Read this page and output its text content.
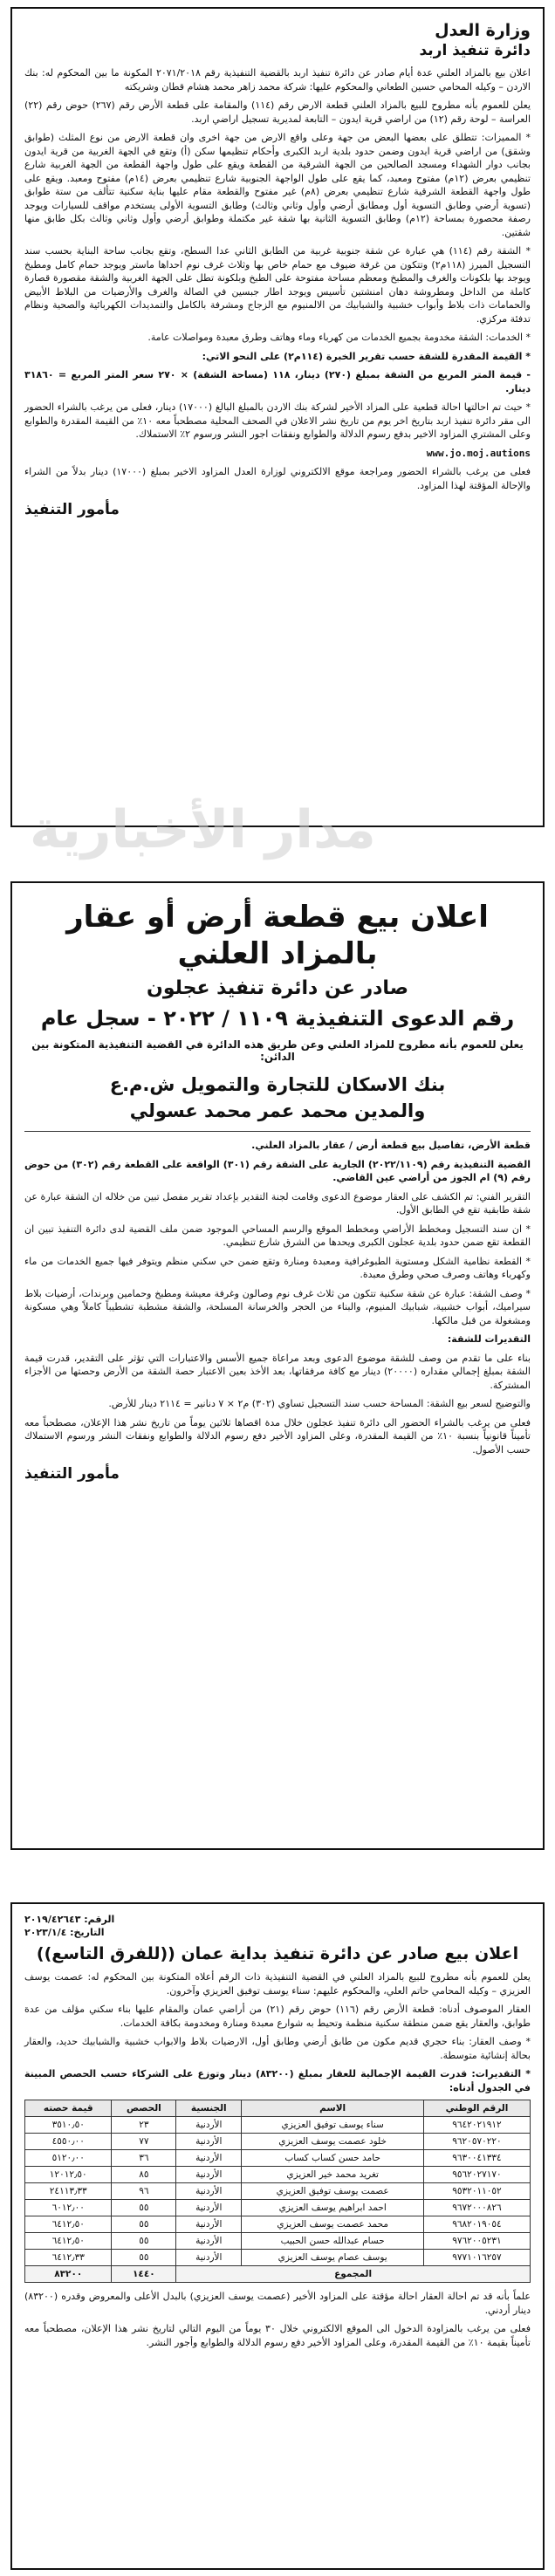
وزارة العدل
دائرة تنفيذ اربد

اعلان بيع بالمزاد العلني عدة أيام صادر عن دائرة تنفيذ اربد بالقضية التنفيذية رقم ٢٠٧١/٢٠١٨ المكونة ما بين المحكوم له: بنك الاردن – وكيله المحامي حسين الطعاني والمحكوم عليها: شركة محمد زاهر محمد هشام قطان وشريكته

يعلن للعموم بأنه مطروح للبيع بالمزاد العلني قطعة الارض رقم (١١٤) والمقامة على قطعة الأرض رقم (٢٦٧) حوض رقم (٢٢) العراسة – لوحة رقم (١٢) من اراضي قرية ايدون – التابعة لمديرية تسجيل اراضي اربد.

* المميزات: تتطلق على بعضها البعض من جهة وعلى واقع الارض من جهة اخرى وان قطعة الارض من نوع المثلث (طوابق وشقق) من اراضي قرية ايدون وضمن حدود بلدية اربد الكبرى وأحكام تنظيمها سكن (أ) وتقع في الجهة الغربية من قرية ايدون بجانب دوار الشهداء ومسجد الصالحين من الجهة الشرقية من القطعة ويقع على طول واجهة القطعة من الجهة الغربية شارع تنظيمي بعرض (١٢م) مفتوح ومعبد، كما يقع على طول الواجهة الجنوبية شارع تنظيمي بعرض (١٤م) مفتوح ومعبد. ويقع على طول واجهة القطعة الشرقية شارع تنظيمي بعرض (٨م) غير مفتوح والقطعة مقام عليها بناية سكنية تتألف من ستة طوابق (تسوية أرضي وطابق التسوية أول ومطابق أرضي وأول وثاني وثالث) وطابق التسوية الأولى يستخدم مواقف للسيارات ويوجد رصفة محصورة بمساحة (١٢م) وطابق التسوية الثانية بها شقة غير مكتملة وطوابق أرضي وأول وثاني وثالث بكل طابق منها شقتين.

* الشقة رقم (١١٤) هي عبارة عن شقة جنوبية غربية من الطابق الثاني عدا السطح، وتقع بجانب ساحة البناية بحسب سند التسجيل الميرز (١١٨م٢) وتتكون من غرفة ضيوف مع حمام خاص بها وثلاث غرف نوم احداها ماستر ويوجد حمام كامل ومطبخ ويوجد بها بلكونات والغرف والمطبخ ومعظم مساحة مفتوحة على الطبخ وبلكونة تطل على الجهة الغربية والشقة مقصورة قصارة كاملة من الداخل ومطروشة دهان امنشتين تأسيس ويوجد اطار جبسين في الصالة والغرف والأرضيات من البلاط الأبيض والحمامات ذات بلاط وأبواب خشبية والشبابيك من الالمنيوم مع الزجاج ومشرفة بالكامل والتمديدات الكهربائية والصحية ونظام تدفئة مركزي.

* الخدمات: الشقة مخدومة بجميع الخدمات من كهرباء وماء وهاتف وطرق معبدة ومواصلات عامة.

* القيمة المقدرة للشقة حسب تقرير الخبرة (١١٤م٢) على النحو الاتي:

- قيمة المتر المربع من الشقة بمبلغ (٢٧٠) دينار، ١١٨ (مساحة الشقة) × ٢٧٠ سعر المتر المربع = ٣١٨٦٠ دينار.

* حيث تم احالتها احالة قطعية على المزاد الأخير لشركة بنك الاردن بالمبلغ البالغ (١٧٠٠٠) دينار، فعلى من يرغب بالشراء الحضور الى مقر دائرة تنفيذ اربد بتاريخ اخر يوم من تاريخ نشر الاعلان في الصحف المحلية مصطحباً معه ١٠٪ من القيمة المقدرة والطوابع وعلى المشتري المزاود الاخير بدفع رسوم الدلالة والطوابع ونفقات اجور النشر ورسوم ٢٪ الاستملاك.

www.jo.moj.autions

فعلى من يرغب بالشراء الحضور ومراجعة موقع الالكتروني لوزارة العدل المزاود الاخير بمبلغ (١٧٠٠٠) دينار بدلاً من الشراء والإحالة المؤقتة لهذا المزاود.

مأمور التنفيذ
مدار الأخبارية
اعلان بيع قطعة أرض أو عقار بالمزاد العلني
صادر عن دائرة تنفيذ عجلون
رقم الدعوى التنفيذية ١١٠٩ / ٢٠٢٢ - سجل عام
يعلن للعموم بأنه مطروح للمزاد العلني وعن طريق هذه الدائرة في القضية التنفيذية المتكونة بين الدائن:
بنك الاسكان للتجارة والتمويل ش.م.ع
والمدين محمد عمر محمد عسولي

قطعة الأرض، تفاصيل بيع قطعة أرض / عقار بالمزاد العلني.

القضية التنفيذية رقم (٢٠٢٢/١١٠٩) الجارية على الشقة رقم (٣٠١) الواقعة على القطعة رقم (٣٠٢) من حوض رقم (٩) ام الجوز من أراضي عين القاضي.

التقرير الفني: تم الكشف على العقار موضوع الدعوى وقامت لجنة التقدير بإعداد تقرير مفصل تبين من خلاله ان الشقة عبارة عن شقة طابقية تقع في الطابق الأول.

* ان سند التسجيل ومخطط الأراضي ومخطط الموقع والرسم المساحي الموجود ضمن ملف القضية لدى دائرة التنفيذ تبين ان القطعة تقع ضمن حدود بلدية عجلون الكبرى ويحدها من الشرق شارع تنظيمي.

* القطعة نظامية الشكل ومستوية الطبوغرافية ومعبدة ومنارة وتقع ضمن حي سكني منظم ويتوفر فيها جميع الخدمات من ماء وكهرباء وهاتف وصرف صحي وطرق معبدة.

* وصف الشقة: عبارة عن شقة سكنية تتكون من ثلاث غرف نوم وصالون وغرفة معيشة ومطبخ وحمامين وبرندات، أرضيات بلاط سيراميك، أبواب خشبية، شبابيك المنيوم، والبناء من الحجر والخرسانة المسلحة، والشقة مشطبة تشطيباً كاملاً وهي مسكونة ومشغولة من قبل مالكها.

التقديرات للشقة:

بناء على ما تقدم من وصف للشقة موضوع الدعوى وبعد مراعاة جميع الأسس والاعتبارات التي تؤثر على التقدير، قدرت قيمة الشقة بمبلغ إجمالي مقداره (٢٠٠٠٠) دينار مع كافة مرفقاتها، بعد الأخذ بعين الاعتبار حصة الشقة من الأرض وحصتها من الأجزاء المشتركة.

والتوضيح لسعر بيع الشقة: المساحة حسب سند التسجيل تساوي (٣٠٢) م٢ × ٧ دنانير = ٢١١٤ دينار للأرض.

فعلى من يرغب بالشراء الحضور الى دائرة تنفيذ عجلون خلال مدة اقصاها ثلاثين يوماً من تاريخ نشر هذا الإعلان، مصطحباً معه تأميناً قانونياً بنسبة ١٠٪ من القيمة المقدرة، وعلى المزاود الأخير دفع رسوم الدلالة والطوابع ونفقات النشر ورسوم الاستملاك حسب الأصول.

مأمور التنفيذ
الرقم: ٢٠١٩/٤٢٦٤٣
التاريخ: ٢٠٢٣/١/٤
اعلان بيع صادر عن دائرة تنفيذ بداية عمان ((للفرق التاسع))

يعلن للعموم بأنه مطروح للبيع بالمزاد العلني في القضية التنفيذية ذات الرقم أعلاه المتكونة بين المحكوم له: عصمت يوسف العزيزي – وكيله المحامي حاتم العلي، والمحكوم عليهم: سناء يوسف توفيق العزيزي وآخرون.

العقار الموصوف أدناه: قطعة الأرض رقم (١١٦) حوض رقم (٢١) من أراضي عمان والمقام عليها بناء سكني مؤلف من عدة طوابق، والعقار يقع ضمن منطقة سكنية منظمة وتحيط به شوارع معبدة ومنارة ومخدومة بكافة الخدمات.

* وصف العقار: بناء حجري قديم مكون من طابق أرضي وطابق أول، الارضيات بلاط والابواب خشبية والشبابيك حديد، والعقار بحالة إنشائية متوسطة.

* التقديرات: قدرت القيمة الإجمالية للعقار بمبلغ (٨٣٢٠٠) دينار وتوزع على الشركاء حسب الحصص المبينة في الجدول أدناه:

الرقم الوطني	الاسم	الجنسية	الحصص	قيمة حصته
٩٦٤٢٠٢١٩١٢	سناء يوسف توفيق العزيزي	الأردنية	٢٣	٣٥١٠٫٥٠
٩٦٢٠٥٧٠٢٢٠	خلود عصمت يوسف العزيزي	الأردنية	٧٧	٤٥٥٠٫٠٠
٩٦٣٠٠٤١٣٣٤	حامد حسن كساب كساب	الأردنية	٣٦	٥١٢٠٫٠٠
٩٥٦٢٠٢٧١٧٠	تغريد محمد خير العزيزي	الأردنية	٨٥	١٢٠١٢٫٥٠
٩٥٣٢٠١١٠٥٢	عصمت يوسف توفيق العزيزي	الأردنية	٩٦	٢٤١١٣٫٣٣
٩٦٧٢٠٠٠٨٢٦	احمد ابراهيم يوسف العزيزي	الأردنية	٥٥	٦٠١٢٫٠٠
٩٦٨٢٠١٩٠٥٤	محمد عصمت يوسف العزيزي	الأردنية	٥٥	٦٤١٢٫٥٠
٩٧٦٢٠٠٥٢٣١	حسام عبدالله حسن الحبيب	الأردنية	٥٥	٦٤١٢٫٥٠
٩٧٧١٠١٦٢٥٧	يوسف عصام يوسف العزيزي	الأردنية	٥٥	٦٤١٢٫٣٣
المجموع			١٤٤٠	٨٣٢٠٠

علماً بأنه قد تم احالة العقار احالة مؤقتة على المزاود الأخير (عصمت يوسف العزيزي) بالبدل الأعلى والمعروض وقدره (٨٣٢٠٠) دينار أردني.

فعلى من يرغب بالمزاودة الدخول الى الموقع الالكتروني خلال ٣٠ يوماً من اليوم التالي لتاريخ نشر هذا الإعلان، مصطحباً معه تأميناً بقيمة ١٠٪ من القيمة المقدرة، وعلى المزاود الأخير دفع رسوم الدلالة والطوابع وأجور النشر.
